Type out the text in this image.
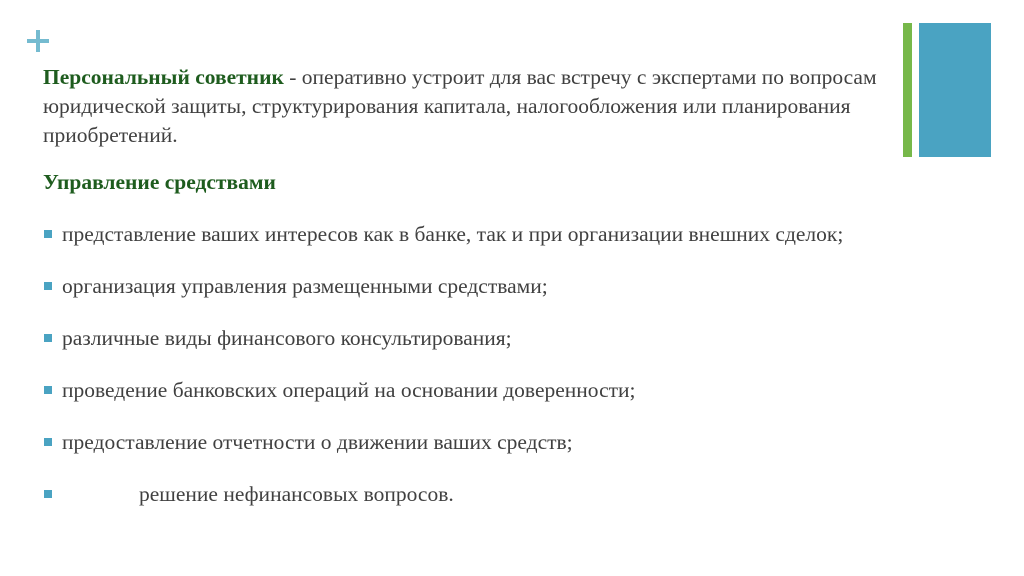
Персональный советник - оперативно устроит для вас встречу с экспертами по вопросам юридической защиты, структурирования капитала, налогообложения или планирования приобретений.

Управление средствами

представление ваших интересов как в банке, так и при организации внешних сделок;
организация управления размещенными средствами;
различные виды финансового консультирования;
проведение банковских операций на основании доверенности;
предоставление отчетности о движении ваших средств;
решение нефинансовых вопросов.
